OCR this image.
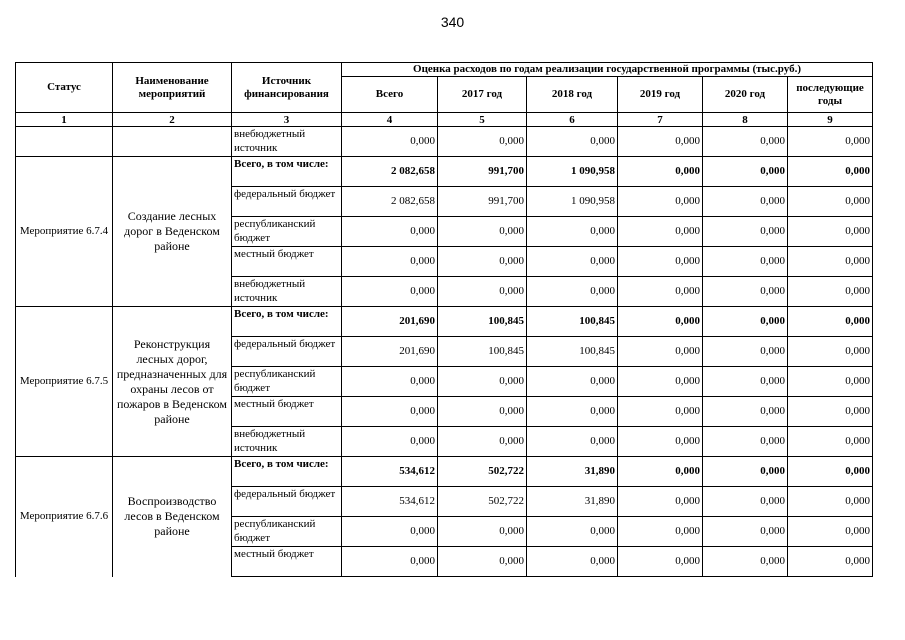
340
Статус	Наименование мероприятий	Источник финансирования	Оценка расходов по годам реализации государственной программы (тыс.руб.)					
			Всего	2017 год	2018 год	2019 год	2020 год	последующие годы
1	2	3	4	5	6	7	8	9
		внебюджетный источник	0,000	0,000	0,000	0,000	0,000	0,000
Мероприятие 6.7.4	Создание лесных дорог в Веденском районе	Всего, в том числе:	2 082,658	991,700	1 090,958	0,000	0,000	0,000
		федеральный бюджет	2 082,658	991,700	1 090,958	0,000	0,000	0,000
		республиканский бюджет	0,000	0,000	0,000	0,000	0,000	0,000
		местный бюджет	0,000	0,000	0,000	0,000	0,000	0,000
		внебюджетный источник	0,000	0,000	0,000	0,000	0,000	0,000
Мероприятие 6.7.5	Реконструкция лесных дорог, предназначенных для охраны лесов от пожаров в Веденском районе	Всего, в том числе:	201,690	100,845	100,845	0,000	0,000	0,000
		федеральный бюджет	201,690	100,845	100,845	0,000	0,000	0,000
		республиканский бюджет	0,000	0,000	0,000	0,000	0,000	0,000
		местный бюджет	0,000	0,000	0,000	0,000	0,000	0,000
		внебюджетный источник	0,000	0,000	0,000	0,000	0,000	0,000
Мероприятие 6.7.6	Воспроизводство лесов в Веденском районе	Всего, в том числе:	534,612	502,722	31,890	0,000	0,000	0,000
		федеральный бюджет	534,612	502,722	31,890	0,000	0,000	0,000
		республиканский бюджет	0,000	0,000	0,000	0,000	0,000	0,000
		местный бюджет	0,000	0,000	0,000	0,000	0,000	0,000
